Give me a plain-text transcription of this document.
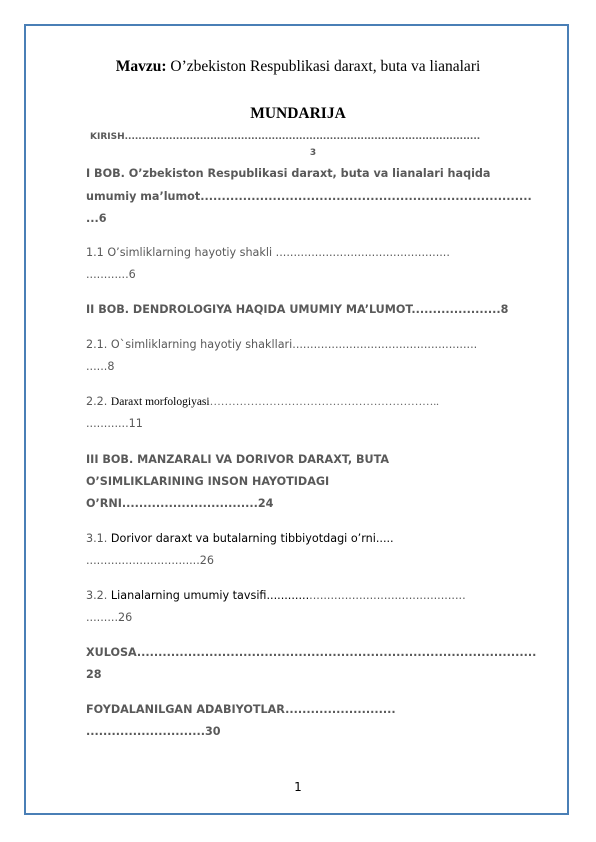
Mavzu: O’zbekiston Respublikasi daraxt, buta va lianalari
MUNDARIJA
KIRISH........................................................................................................
3
I BOB. O’zbekiston Respublikasi daraxt, buta va lianalari haqida
umumiy ma’lumot..............................................................................
...6
1.1 O’simliklarning hayotiy shakli .................................................
............6
II BOB. DENDROLOGIYA HAQIDA UMUMIY MA’LUMOT.....................8
2.1. O`simliklarning hayotiy shakllari....................................................
......8
2.2. Daraxt morfologiyasi……………………………………………………..
............11
III BOB. MANZARALI VA DORIVOR DARAXT, BUTA
O’SIMLIKLARINING INSON HAYOTIDAGI
O’RNI................................24
3.1. Dorivor daraxt va butalarning tibbiyotdagi o’rni.....
................................26
3.2. Lianalarning umumiy tavsifi........................................................
.........26
XULOSA..............................................................................................
28
FOYDALANILGAN ADABIYOTLAR..........................
............................30
1
